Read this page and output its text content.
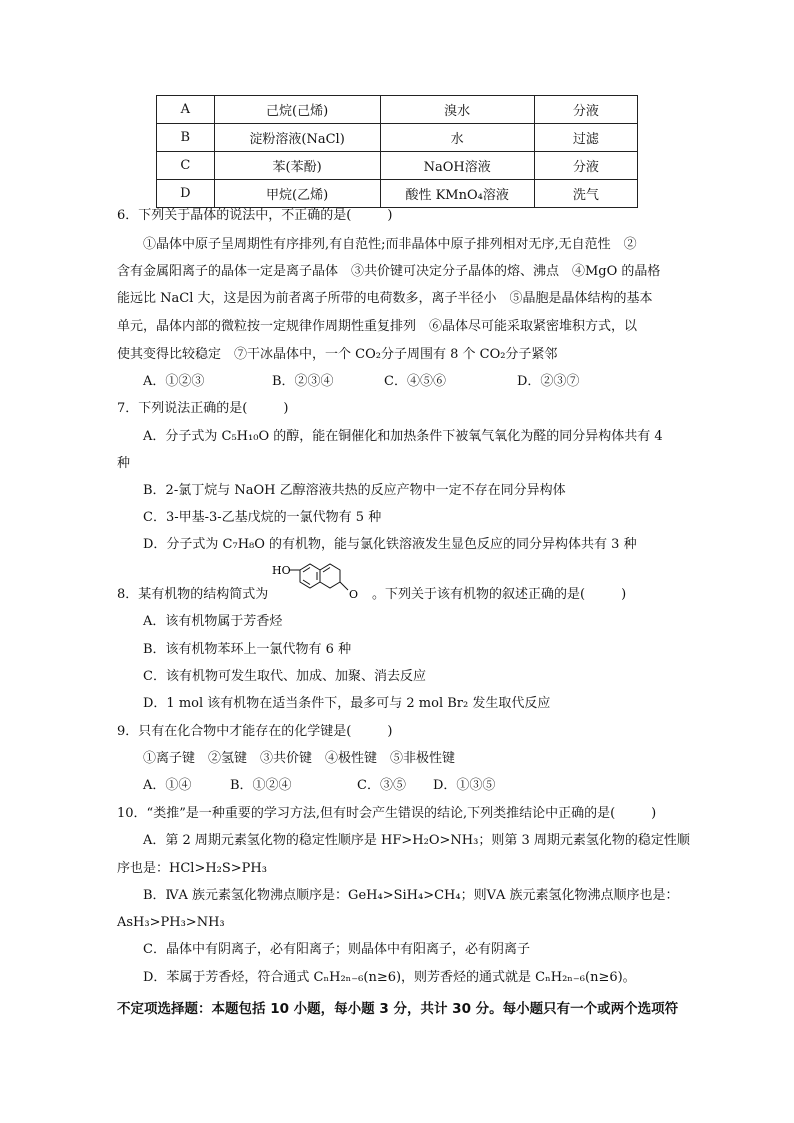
A	己烷(己烯)	溴水	分液
B	淀粉溶液(NaCl)	水	过滤
C	苯(苯酚)	NaOH溶液	分液
D	甲烷(乙烯)	酸性 KMnO₄溶液	洗气
6．下列关于晶体的说法中，不正确的是(	)
①晶体中原子呈周期性有序排列,有自范性;而非晶体中原子排列相对无序,无自范性　②
含有金属阳离子的晶体一定是离子晶体　③共价键可决定分子晶体的熔、沸点　④MgO 的晶格
能远比 NaCl 大，这是因为前者离子所带的电荷数多，离子半径小　⑤晶胞是晶体结构的基本
单元，晶体内部的微粒按一定规律作周期性重复排列　⑥晶体尽可能采取紧密堆积方式，以
使其变得比较稳定　⑦干冰晶体中，一个 CO₂分子周围有 8 个 CO₂分子紧邻
A．①②③	B．②③④	C．④⑤⑥	D．②③⑦
7．下列说法正确的是(	)
A．分子式为 C₅H₁₀O 的醇，能在铜催化和加热条件下被氧气氧化为醛的同分异构体共有 4
种
B．2-氯丁烷与 NaOH 乙醇溶液共热的反应产物中一定不存在同分异构体
C．3-甲基-3-乙基戊烷的一氯代物有 5 种
D．分子式为 C₇H₈O 的有机物，能与氯化铁溶液发生显色反应的同分异构体共有 3 种
8．某有机物的结构简式为
HO
O 。下列关于该有机物的叙述正确的是(	)
A．该有机物属于芳香烃
B．该有机物苯环上一氯代物有 6 种
C．该有机物可发生取代、加成、加聚、消去反应
D．1 mol 该有机物在适当条件下，最多可与 2 mol Br₂ 发生取代反应
9．只有在化合物中才能存在的化学键是(	)
①离子键　②氢键　③共价键　④极性键　⑤非极性键
A．①④	B．①②④	C．③⑤ D．①③⑤
10．“类推”是一种重要的学习方法,但有时会产生错误的结论,下列类推结论中正确的是(	)
A．第 2 周期元素氢化物的稳定性顺序是 HF>H₂O>NH₃；则第 3 周期元素氢化物的稳定性顺
序也是：HCl>H₂S>PH₃
B．ⅣA 族元素氢化物沸点顺序是：GeH₄>SiH₄>CH₄；则ⅤA 族元素氢化物沸点顺序也是：
AsH₃>PH₃>NH₃
C．晶体中有阴离子，必有阳离子；则晶体中有阳离子，必有阴离子
D．苯属于芳香烃，符合通式 CₙH₂ₙ₋₆(n≥6)，则芳香烃的通式就是 CₙH₂ₙ₋₆(n≥6)。
不定项选择题：本题包括 10 小题，每小题 3 分，共计 30 分。每小题只有一个或两个选项符
